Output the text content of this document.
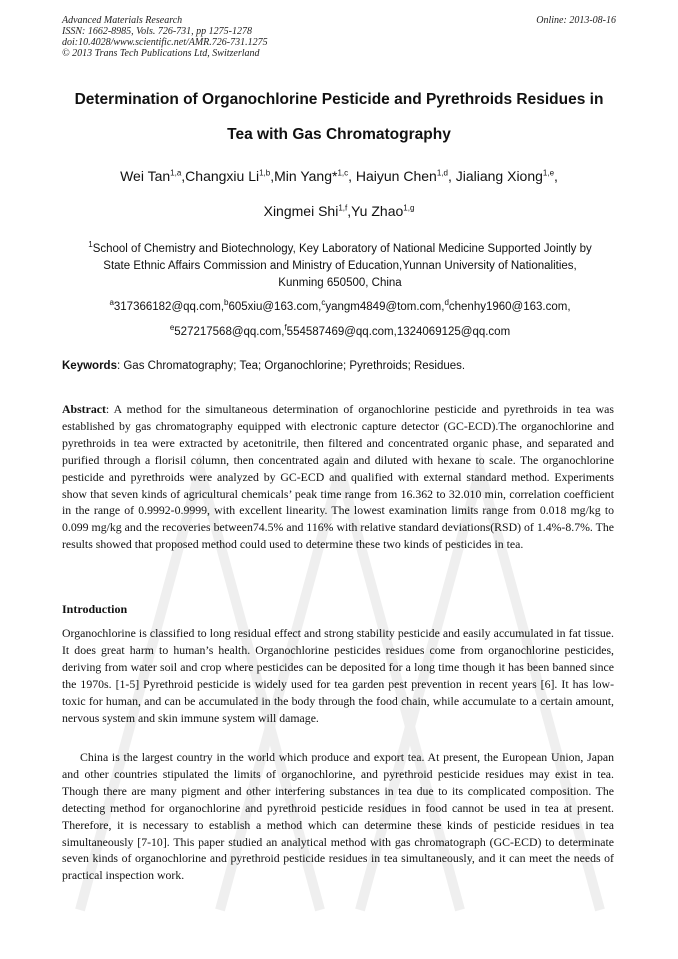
Advanced Materials Research
ISSN: 1662-8985, Vols. 726-731, pp 1275-1278
doi:10.4028/www.scientific.net/AMR.726-731.1275
© 2013 Trans Tech Publications Ltd, Switzerland
Online: 2013-08-16
Determination of Organochlorine Pesticide and Pyrethroids Residues in
Tea with Gas Chromatography
Wei Tan$^{1,a}$,Changxiu Li$^{1,b}$,Min Yang*$^{1,c}$, Haiyun Chen$^{1,d}$, Jialiang Xiong$^{1,e}$,
Xingmei Shi$^{1,f}$,Yu Zhao$^{1,g}$
$^1$School of Chemistry and Biotechnology, Key Laboratory of National Medicine Supported Jointly by
State Ethnic Affairs Commission and Ministry of Education,Yunnan University of Nationalities,
Kunming 650500, China
$^a$317366182@qq.com,$^b$605xiu@163.com,$^c$yangm4849@tom.com,$^d$chenhy1960@163.com,
$^e$527217568@qq.com,$^f$554587469@qq.com,1324069125@qq.com
Keywords: Gas Chromatography; Tea; Organochlorine; Pyrethroids; Residues.
Abstract: A method for the simultaneous determination of organochlorine pesticide and pyrethroids in tea was established by gas chromatography equipped with electronic capture detector (GC-ECD).The organochlorine and pyrethroids in tea were extracted by acetonitrile, then filtered and concentrated organic phase, and separated and purified through a florisil column, then concentrated again and diluted with hexane to scale. The organochlorine pesticide and pyrethroids were analyzed by GC-ECD and qualified with external standard method. Experiments show that seven kinds of agricultural chemicals’ peak time range from 16.362 to 32.010 min, correlation coefficient in the range of 0.9992-0.9999, with excellent linearity. The lowest examination limits range from 0.018 mg/kg to 0.099 mg/kg and the recoveries between74.5% and 116% with relative standard deviations(RSD) of 1.4%-8.7%. The results showed that proposed method could used to determine these two kinds of pesticides in tea.
Introduction
Organochlorine is classified to long residual effect and strong stability pesticide and easily accumulated in fat tissue. It does great harm to human’s health. Organochlorine pesticides residues come from organochlorine pesticides, deriving from water soil and crop where pesticides can be deposited for a long time though it has been banned since the 1970s. [1-5] Pyrethroid pesticide is widely used for tea garden pest prevention in recent years [6]. It has low-toxic for human, and can be accumulated in the body through the food chain, while accumulate to a certain amount, nervous system and skin immune system will damage.
China is the largest country in the world which produce and export tea. At present, the European Union, Japan and other countries stipulated the limits of organochlorine, and pyrethroid pesticide residues may exist in tea. Though there are many pigment and other interfering substances in tea due to its complicated composition. The detecting method for organochlorine and pyrethroid pesticide residues in food cannot be used in tea at present. Therefore, it is necessary to establish a method which can determine these kinds of pesticide residues in tea simultaneously [7-10]. This paper studied an analytical method with gas chromatograph (GC-ECD) to determinate seven kinds of organochlorine and pyrethroid pesticide residues in tea simultaneously, and it can meet the needs of practical inspection work.
